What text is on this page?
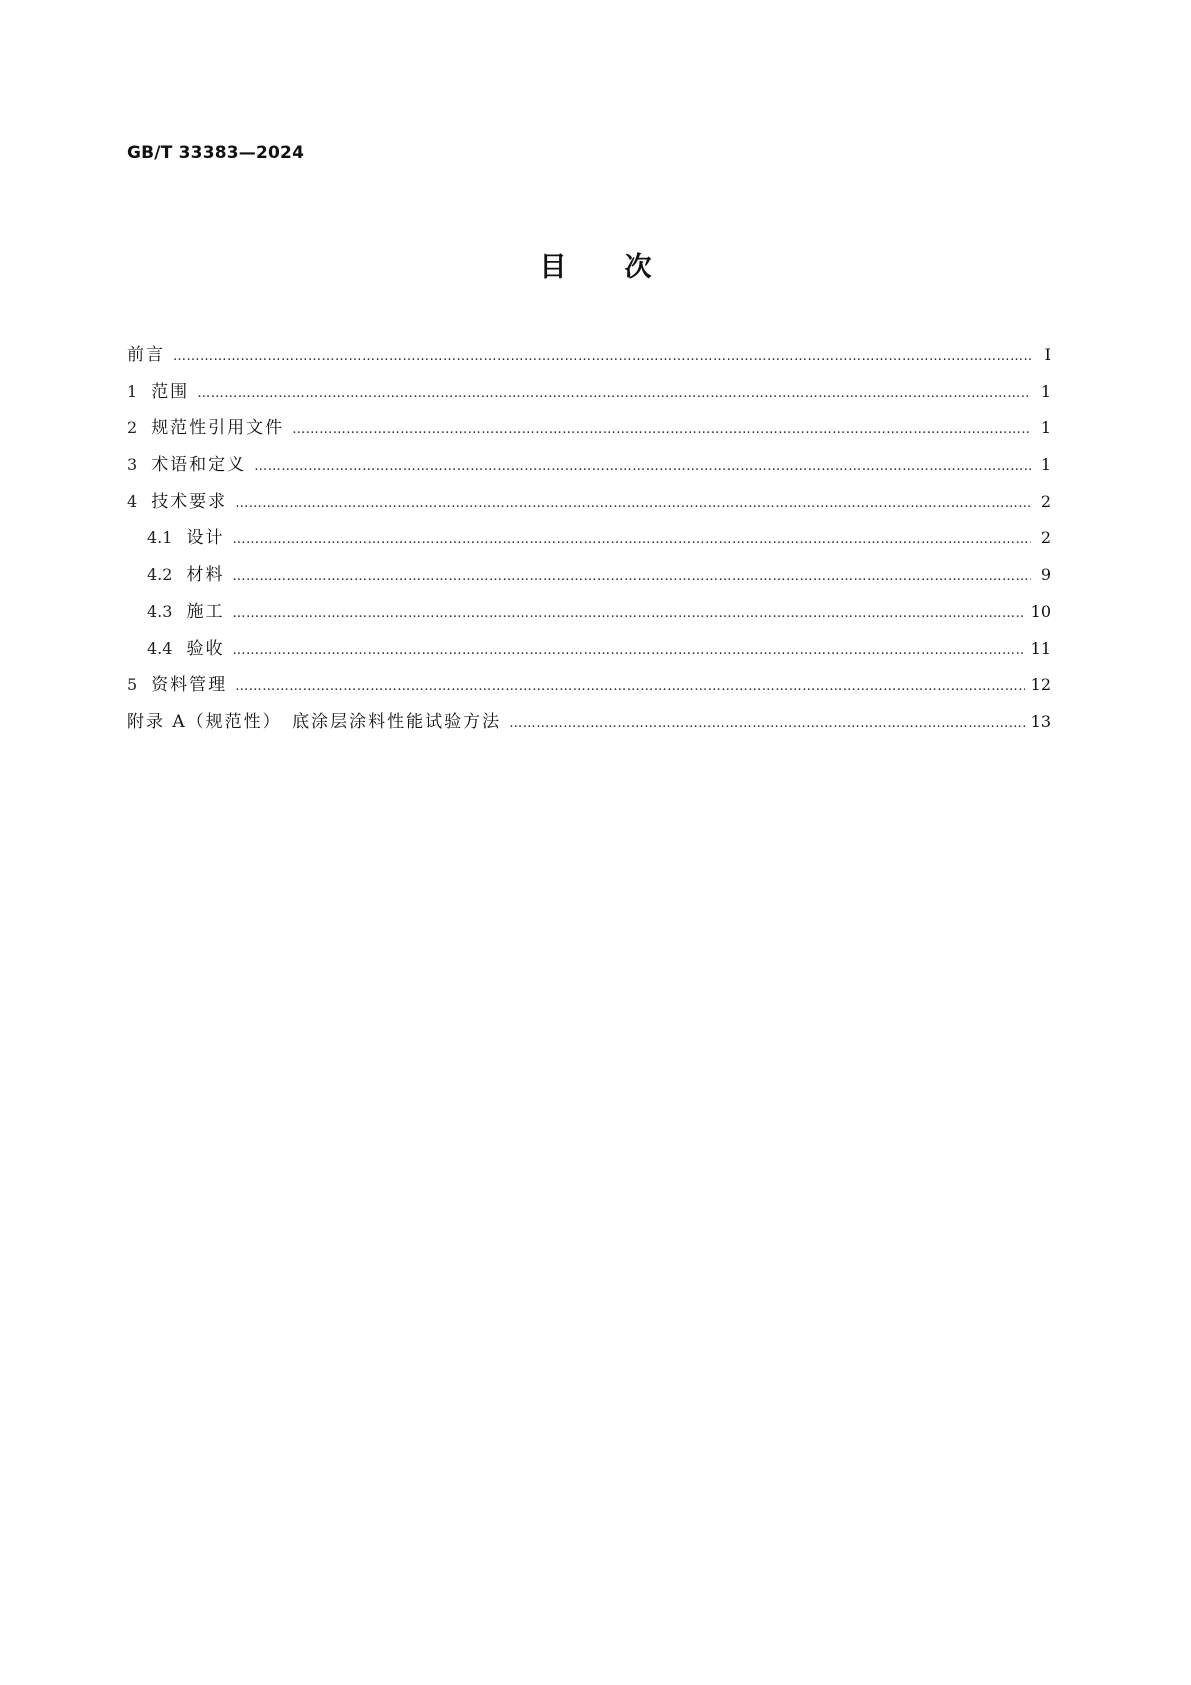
GB/T 33383—2024
目次
前言 …………………………………………………………………………………………………………………………………………………………………………………………………………………………………………………………………………	Ⅰ
1 范围 …………………………………………………………………………………………………………………………………………………………………………………………………………………………………………………………………………	1
2 规范性引用文件 …………………………………………………………………………………………………………………………………………………………………………………………………………………………………………………………………………	1
3 术语和定义 …………………………………………………………………………………………………………………………………………………………………………………………………………………………………………………………………………	1
4 技术要求 …………………………………………………………………………………………………………………………………………………………………………………………………………………………………………………………………………	2
4.1 设计 …………………………………………………………………………………………………………………………………………………………………………………………………………………………………………………………………………	2
4.2 材料 …………………………………………………………………………………………………………………………………………………………………………………………………………………………………………………………………………	9
4.3 施工 …………………………………………………………………………………………………………………………………………………………………………………………………………………………………………………………………………	10
4.4 验收 …………………………………………………………………………………………………………………………………………………………………………………………………………………………………………………………………………	11
5 资料管理 …………………………………………………………………………………………………………………………………………………………………………………………………………………………………………………………………………	12
附录 A（规范性）　底涂层涂料性能试验方法 …………………………………………………………………………………………………………………………………………………………………………………………………………………………………………………………………………	13
